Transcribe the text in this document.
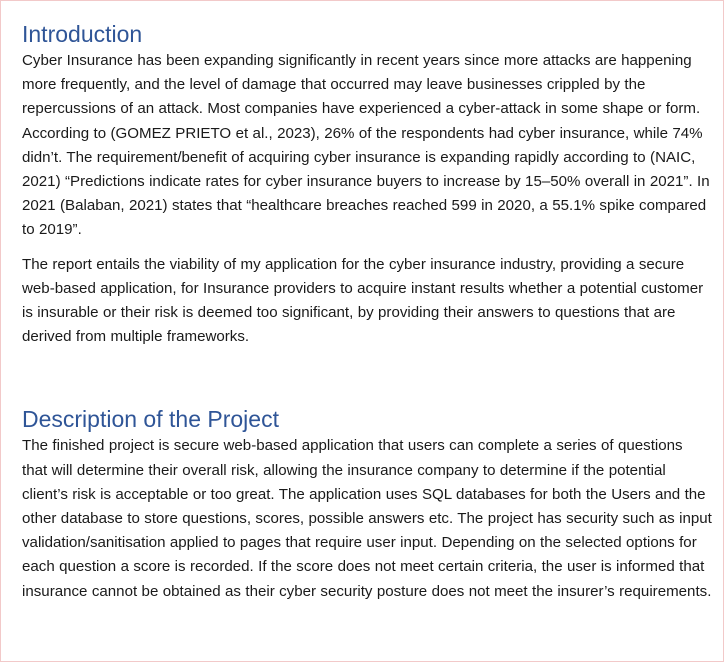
Introduction

Cyber Insurance has been expanding significantly in recent years since more attacks are happening more frequently, and the level of damage that occurred may leave businesses crippled by the repercussions of an attack. Most companies have experienced a cyber-attack in some shape or form. According to (GOMEZ PRIETO et al., 2023), 26% of the respondents had cyber insurance, while 74% didn’t. The requirement/benefit of acquiring cyber insurance is expanding rapidly according to (NAIC, 2021) “Predictions indicate rates for cyber insurance buyers to increase by 15–50% overall in 2021”. In 2021 (Balaban, 2021) states that “healthcare breaches reached 599 in 2020, a 55.1% spike compared to 2019”.

The report entails the viability of my application for the cyber insurance industry, providing a secure web-based application, for Insurance providers to acquire instant results whether a potential customer is insurable or their risk is deemed too significant, by providing their answers to questions that are derived from multiple frameworks.

Description of the Project

The finished project is secure web-based application that users can complete a series of questions that will determine their overall risk, allowing the insurance company to determine if the potential client’s risk is acceptable or too great. The application uses SQL databases for both the Users and the other database to store questions, scores, possible answers etc. The project has security such as input validation/sanitisation applied to pages that require user input. Depending on the selected options for each question a score is recorded. If the score does not meet certain criteria, the user is informed that insurance cannot be obtained as their cyber security posture does not meet the insurer’s requirements.
